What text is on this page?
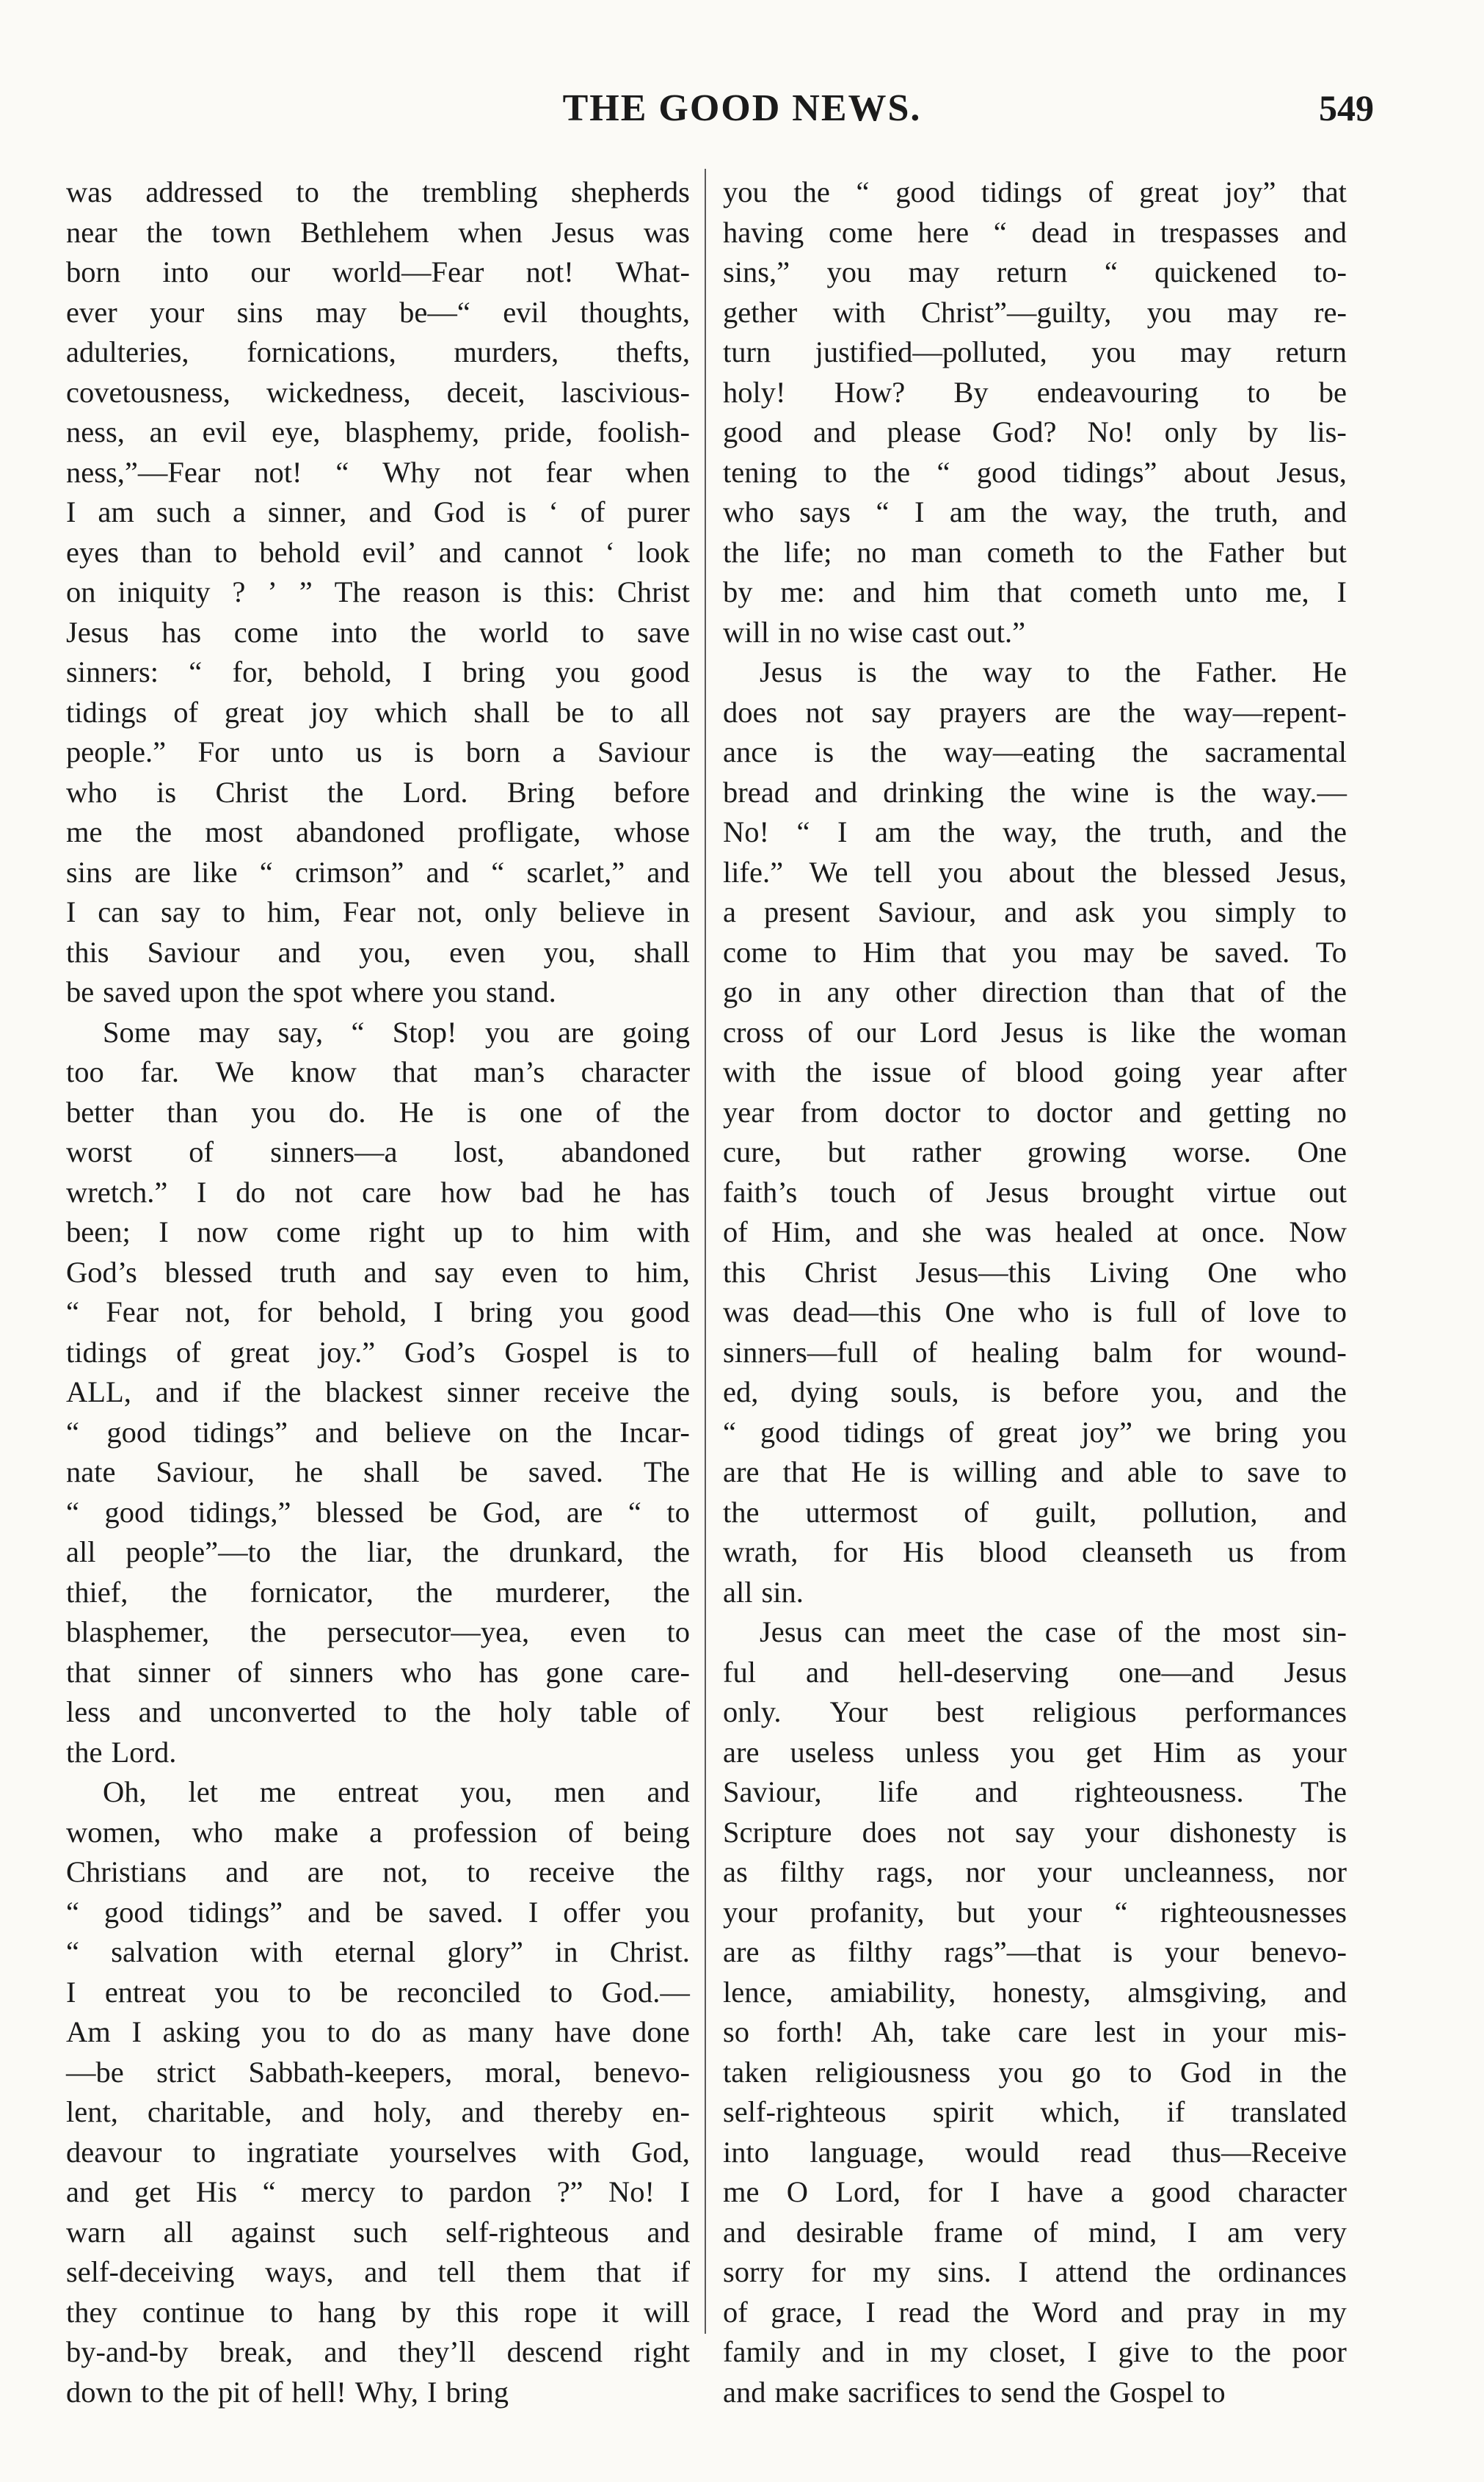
THE GOOD NEWS.	549

was addressed to the trembling shepherds
near the town Bethlehem when Jesus was
born into our world—Fear not! What-
ever your sins may be—“ evil thoughts,
adulteries, fornications, murders, thefts,
covetousness, wickedness, deceit, lascivious-
ness, an evil eye, blasphemy, pride, foolish-
ness,”—Fear not! “ Why not fear when
I am such a sinner, and God is ‘ of purer
eyes than to behold evil’ and cannot ‘ look
on iniquity ? ’ ” The reason is this: Christ
Jesus has come into the world to save
sinners: “ for, behold, I bring you good
tidings of great joy which shall be to all
people.” For unto us is born a Saviour
who is Christ the Lord. Bring before
me the most abandoned profligate, whose
sins are like “ crimson” and “ scarlet,” and
I can say to him, Fear not, only believe in
this Saviour and you, even you, shall
be saved upon the spot where you stand.

Some may say, “ Stop! you are going
too far. We know that man’s character
better than you do. He is one of the
worst of sinners—a lost, abandoned
wretch.” I do not care how bad he has
been; I now come right up to him with
God’s blessed truth and say even to him,
“ Fear not, for behold, I bring you good
tidings of great joy.” God’s Gospel is to
ALL, and if the blackest sinner receive the
“ good tidings” and believe on the Incar-
nate Saviour, he shall be saved. The
“ good tidings,” blessed be God, are “ to
all people”—to the liar, the drunkard, the
thief, the fornicator, the murderer, the
blasphemer, the persecutor—yea, even to
that sinner of sinners who has gone care-
less and unconverted to the holy table of
the Lord.

Oh, let me entreat you, men and
women, who make a profession of being
Christians and are not, to receive the
“ good tidings” and be saved. I offer you
“ salvation with eternal glory” in Christ.
I entreat you to be reconciled to God.—
Am I asking you to do as many have done
—be strict Sabbath-keepers, moral, benevo-
lent, charitable, and holy, and thereby en-
deavour to ingratiate yourselves with God,
and get His “ mercy to pardon ?” No! I
warn all against such self-righteous and
self-deceiving ways, and tell them that if
they continue to hang by this rope it will
by-and-by break, and they’ll descend right
down to the pit of hell! Why, I bring

you the “ good tidings of great joy” that
having come here “ dead in trespasses and
sins,” you may return “ quickened to-
gether with Christ”—guilty, you may re-
turn justified—polluted, you may return
holy! How? By endeavouring to be
good and please God? No! only by lis-
tening to the “ good tidings” about Jesus,
who says “ I am the way, the truth, and
the life; no man cometh to the Father but
by me: and him that cometh unto me, I
will in no wise cast out.”

Jesus is the way to the Father. He
does not say prayers are the way—repent-
ance is the way—eating the sacramental
bread and drinking the wine is the way.—
No! “ I am the way, the truth, and the
life.” We tell you about the blessed Jesus,
a present Saviour, and ask you simply to
come to Him that you may be saved. To
go in any other direction than that of the
cross of our Lord Jesus is like the woman
with the issue of blood going year after
year from doctor to doctor and getting no
cure, but rather growing worse. One
faith’s touch of Jesus brought virtue out
of Him, and she was healed at once. Now
this Christ Jesus—this Living One who
was dead—this One who is full of love to
sinners—full of healing balm for wound-
ed, dying souls, is before you, and the
“ good tidings of great joy” we bring you
are that He is willing and able to save to
the uttermost of guilt, pollution, and
wrath, for His blood cleanseth us from
all sin.

Jesus can meet the case of the most sin-
ful and hell-deserving one—and Jesus
only. Your best religious performances
are useless unless you get Him as your
Saviour, life and righteousness. The
Scripture does not say your dishonesty is
as filthy rags, nor your uncleanness, nor
your profanity, but your “ righteousnesses
are as filthy rags”—that is your benevo-
lence, amiability, honesty, almsgiving, and
so forth! Ah, take care lest in your mis-
taken religiousness you go to God in the
self-righteous spirit which, if translated
into language, would read thus—Receive
me O Lord, for I have a good character
and desirable frame of mind, I am very
sorry for my sins. I attend the ordinances
of grace, I read the Word and pray in my
family and in my closet, I give to the poor
and make sacrifices to send the Gospel to
